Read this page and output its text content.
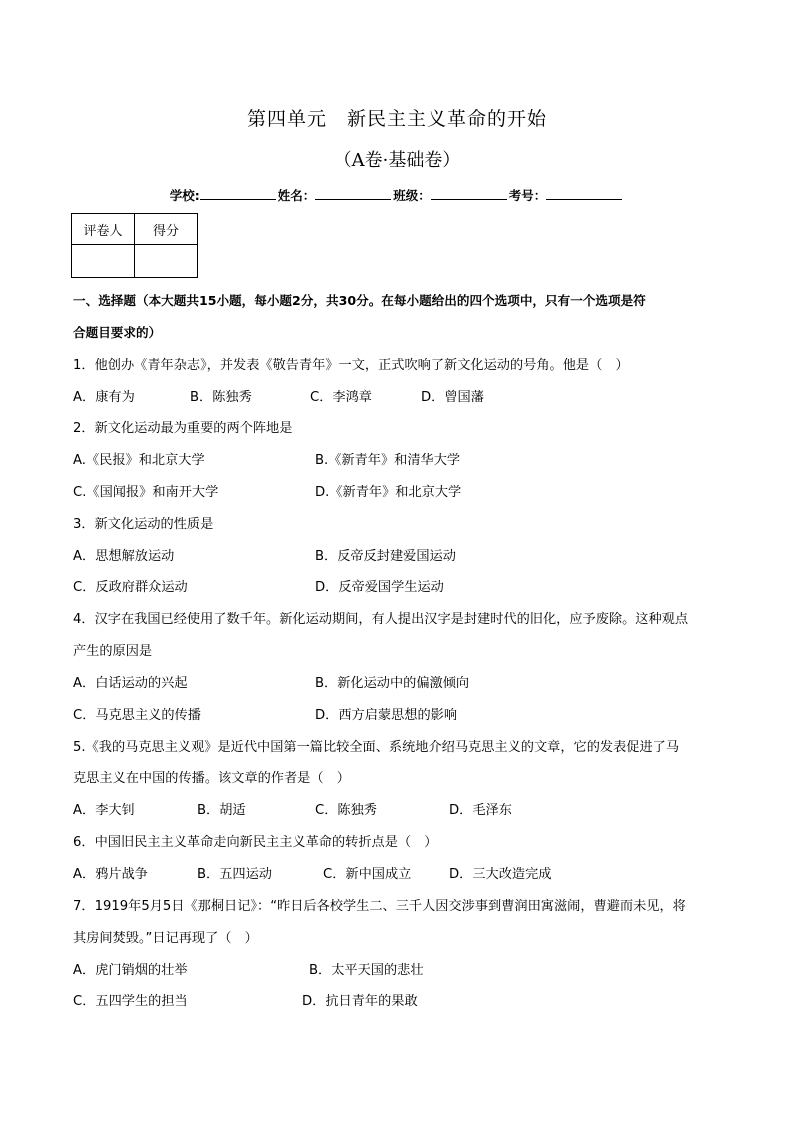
第四单元　新民主主义革命的开始
（A卷·基础卷）
学校:	姓名：	班级：	考号：
评卷人	得分

一、选择题（本大题共15小题，每小题2分，共30分。在每小题给出的四个选项中，只有一个选项是符
合题目要求的）
1．他创办《青年杂志》，并发表《敬告青年》一文，正式吹响了新文化运动的号角。他是（　）
A．康有为	B．陈独秀	C．李鸿章	D．曾国藩
2．新文化运动最为重要的两个阵地是
A.《民报》和北京大学	B.《新青年》和清华大学
C.《国闻报》和南开大学	D.《新青年》和北京大学
3．新文化运动的性质是
A．思想解放运动	B．反帝反封建爱国运动
C．反政府群众运动	D．反帝爱国学生运动
4．汉字在我国已经使用了数千年。新化运动期间，有人提出汉字是封建时代的旧化，应予废除。这种观点
产生的原因是
A．白话运动的兴起	B．新化运动中的偏激倾向
C．马克思主义的传播	D．西方启蒙思想的影响
5.《我的马克思主义观》是近代中国第一篇比较全面、系统地介绍马克思主义的文章，它的发表促进了马
克思主义在中国的传播。该文章的作者是（　）
A．李大钊	B．胡适	C．陈独秀	D．毛泽东
6．中国旧民主主义革命走向新民主主义革命的转折点是（　）
A．鸦片战争	B．五四运动	C．新中国成立	D．三大改造完成
7．1919年5月5日《那桐日记》：“昨日后各校学生二、三千人因交涉事到曹润田寓滋闹，曹避而未见，将
其房间焚毁。”日记再现了（　）
A．虎门销烟的壮举	B．太平天国的悲壮
C．五四学生的担当	D．抗日青年的果敢
